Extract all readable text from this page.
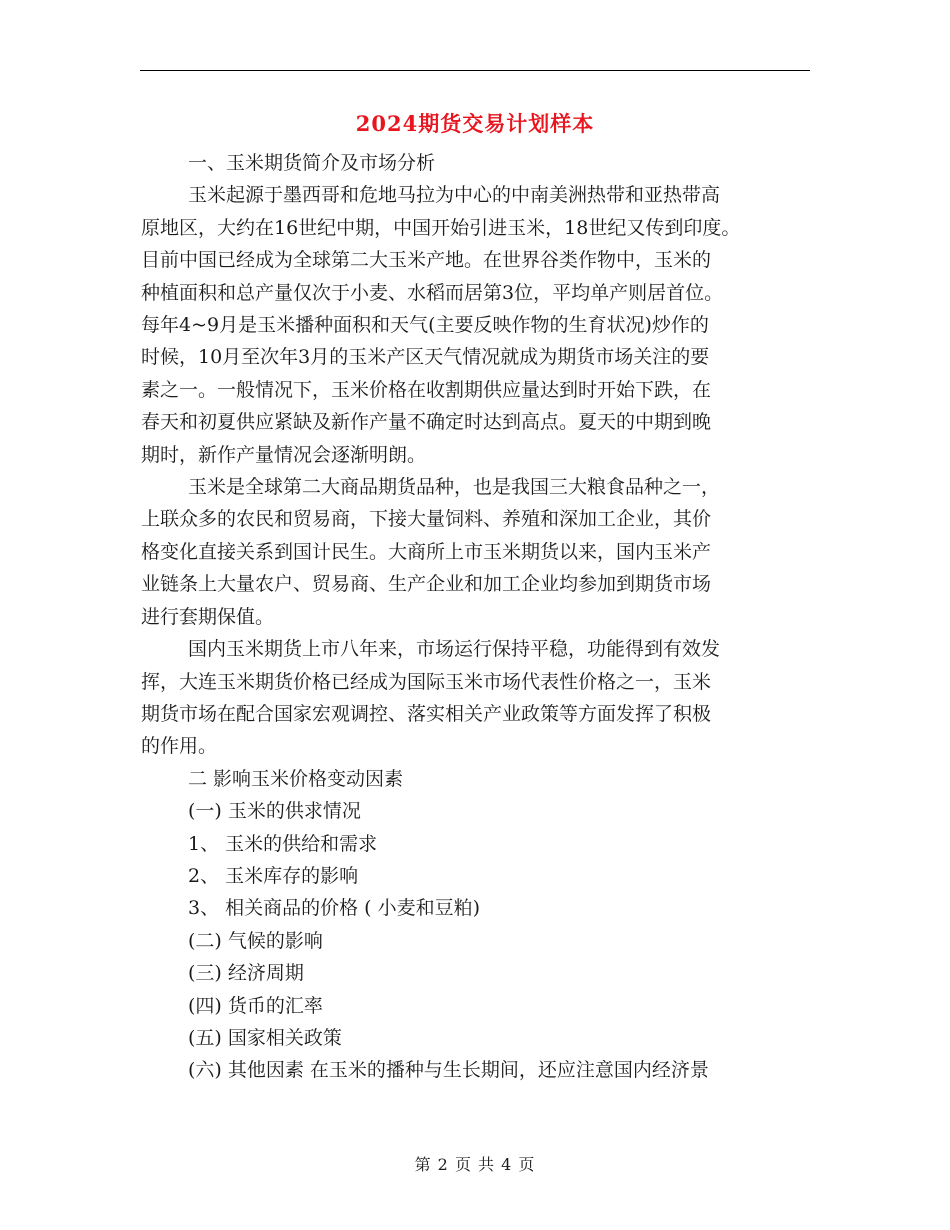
2024期货交易计划样本

一、玉米期货简介及市场分析

玉米起源于墨西哥和危地马拉为中心的中南美洲热带和亚热带高

原地区，大约在16世纪中期，中国开始引进玉米，18世纪又传到印度。

目前中国已经成为全球第二大玉米产地。在世界谷类作物中，玉米的

种植面积和总产量仅次于小麦、水稻而居第3位，平均单产则居首位。

每年4~9月是玉米播种面积和天气(主要反映作物的生育状况)炒作的

时候，10月至次年3月的玉米产区天气情况就成为期货市场关注的要

素之一。一般情况下，玉米价格在收割期供应量达到时开始下跌，在

春天和初夏供应紧缺及新作产量不确定时达到高点。夏天的中期到晚

期时，新作产量情况会逐渐明朗。

玉米是全球第二大商品期货品种，也是我国三大粮食品种之一，

上联众多的农民和贸易商，下接大量饲料、养殖和深加工企业，其价

格变化直接关系到国计民生。大商所上市玉米期货以来，国内玉米产

业链条上大量农户、贸易商、生产企业和加工企业均参加到期货市场

进行套期保值。

国内玉米期货上市八年来，市场运行保持平稳，功能得到有效发

挥，大连玉米期货价格已经成为国际玉米市场代表性价格之一，玉米

期货市场在配合国家宏观调控、落实相关产业政策等方面发挥了积极

的作用。

二 影响玉米价格变动因素

(一) 玉米的供求情况

1、 玉米的供给和需求

2、 玉米库存的影响

3、 相关商品的价格 ( 小麦和豆粕)

(二) 气候的影响

(三) 经济周期

(四) 货币的汇率

(五) 国家相关政策

(六) 其他因素 在玉米的播种与生长期间，还应注意国内经济景

第 2 页 共 4 页
